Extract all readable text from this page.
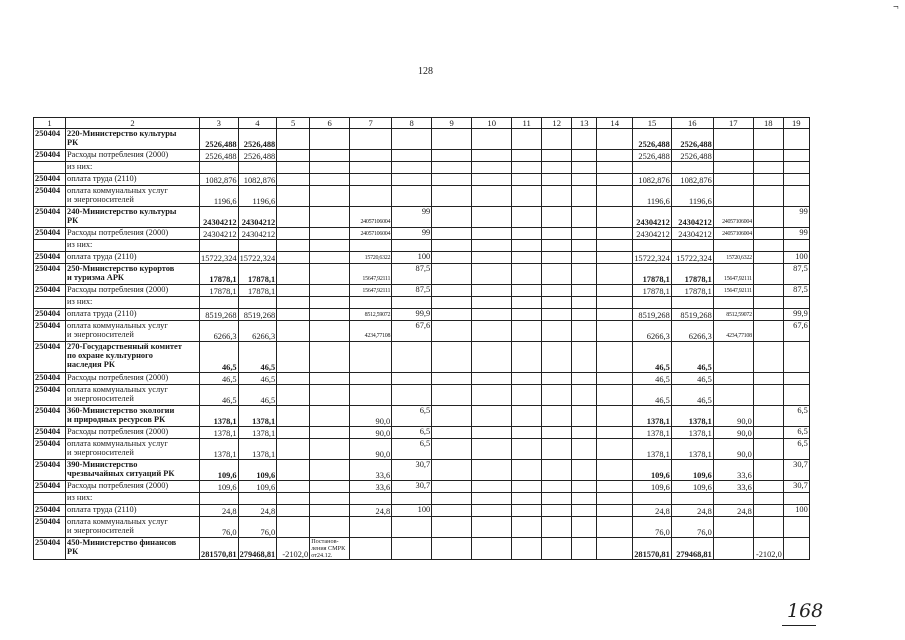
128
¬
168
1	2	3	4	5	6	7	8	9	10	11	12	13	14	15	16	17	18	19
250404	220-Министерство культуры
РК	2526,488	2526,488											2526,488	2526,488			
250404	Расходы потребления (2000)	2526,488	2526,488											2526,488	2526,488			

	из них:																	

250404	оплата труда (2110)	1082,876	1082,876											1082,876	1082,876			
250404	оплата коммунальных услуг
и энергоносителей	1196,6	1196,6											1196,6	1196,6			
250404	240-Министерство культуры
РК	24304212	24304212			24057106004	99							24304212	24304212	24057106004		99
250404	Расходы потребления (2000)	24304212	24304212			24057106004	99							24304212	24304212	24057106004		99

	из них:																	

250404	оплата труда (2110)	15722,324	15722,324			15720,6322	100							15722,324	15722,324	15720,6322		100
250404	250-Министерство курортов
и туризма АРК	17878,1	17878,1			15647,92111	87,5							17878,1	17878,1	15647,92111		87,5
250404	Расходы потребления (2000)	17878,1	17878,1			15647,92111	87,5							17878,1	17878,1	15647,92111		87,5

	из них:																	

250404	оплата труда (2110)	8519,268	8519,268			8512,59072	99,9							8519,268	8519,268	8512,59072		99,9
250404	оплата коммунальных услуг
и энергоносителей	6266,3	6266,3			4234,77108	67,6							6266,3	6266,3	4234,77108		67,6
250404	270-Государственный комитет
по охране культурного
наследия РК	46,5	46,5											46,5	46,5			
250404	Расходы потребления (2000)	46,5	46,5											46,5	46,5			
250404	оплата коммунальных услуг
и энергоносителей	46,5	46,5											46,5	46,5			
250404	360-Министерство экологии
и природных ресурсов РК	1378,1	1378,1			90,0	6,5							1378,1	1378,1	90,0		6,5
250404	Расходы потребления (2000)	1378,1	1378,1			90,0	6,5							1378,1	1378,1	90,0		6,5
250404	оплата коммунальных услуг
и энергоносителей	1378,1	1378,1			90,0	6,5							1378,1	1378,1	90,0		6,5
250404	390-Министерство
чрезвычайных ситуаций РК	109,6	109,6			33,6	30,7							109,6	109,6	33,6		30,7
250404	Расходы потребления (2000)	109,6	109,6			33,6	30,7							109,6	109,6	33,6		30,7

	из них:																	

250404	оплата труда (2110)	24,8	24,8			24,8	100							24,8	24,8	24,8		100
250404	оплата коммунальных услуг
и энергоносителей	76,0	76,0											76,0	76,0			
250404	450-Министерство финансов
РК	281570,81	279468,81	-2102,0	Постанов-ления СМРК от24.12.									281570,81	279468,81		-2102,0	
